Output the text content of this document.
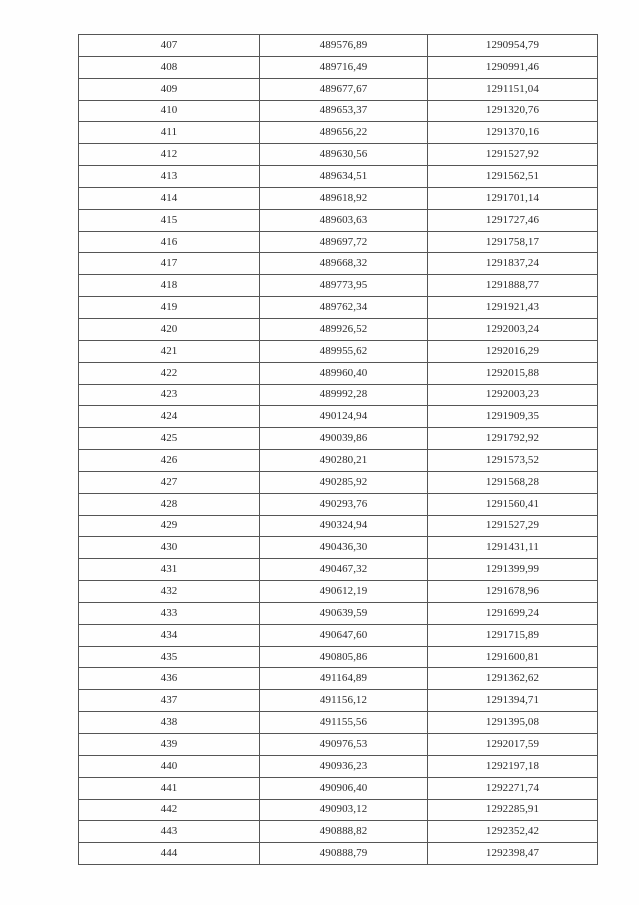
407	489576,89	1290954,79
408	489716,49	1290991,46
409	489677,67	1291151,04
410	489653,37	1291320,76
411	489656,22	1291370,16
412	489630,56	1291527,92
413	489634,51	1291562,51
414	489618,92	1291701,14
415	489603,63	1291727,46
416	489697,72	1291758,17
417	489668,32	1291837,24
418	489773,95	1291888,77
419	489762,34	1291921,43
420	489926,52	1292003,24
421	489955,62	1292016,29
422	489960,40	1292015,88
423	489992,28	1292003,23
424	490124,94	1291909,35
425	490039,86	1291792,92
426	490280,21	1291573,52
427	490285,92	1291568,28
428	490293,76	1291560,41
429	490324,94	1291527,29
430	490436,30	1291431,11
431	490467,32	1291399,99
432	490612,19	1291678,96
433	490639,59	1291699,24
434	490647,60	1291715,89
435	490805,86	1291600,81
436	491164,89	1291362,62
437	491156,12	1291394,71
438	491155,56	1291395,08
439	490976,53	1292017,59
440	490936,23	1292197,18
441	490906,40	1292271,74
442	490903,12	1292285,91
443	490888,82	1292352,42
444	490888,79	1292398,47
